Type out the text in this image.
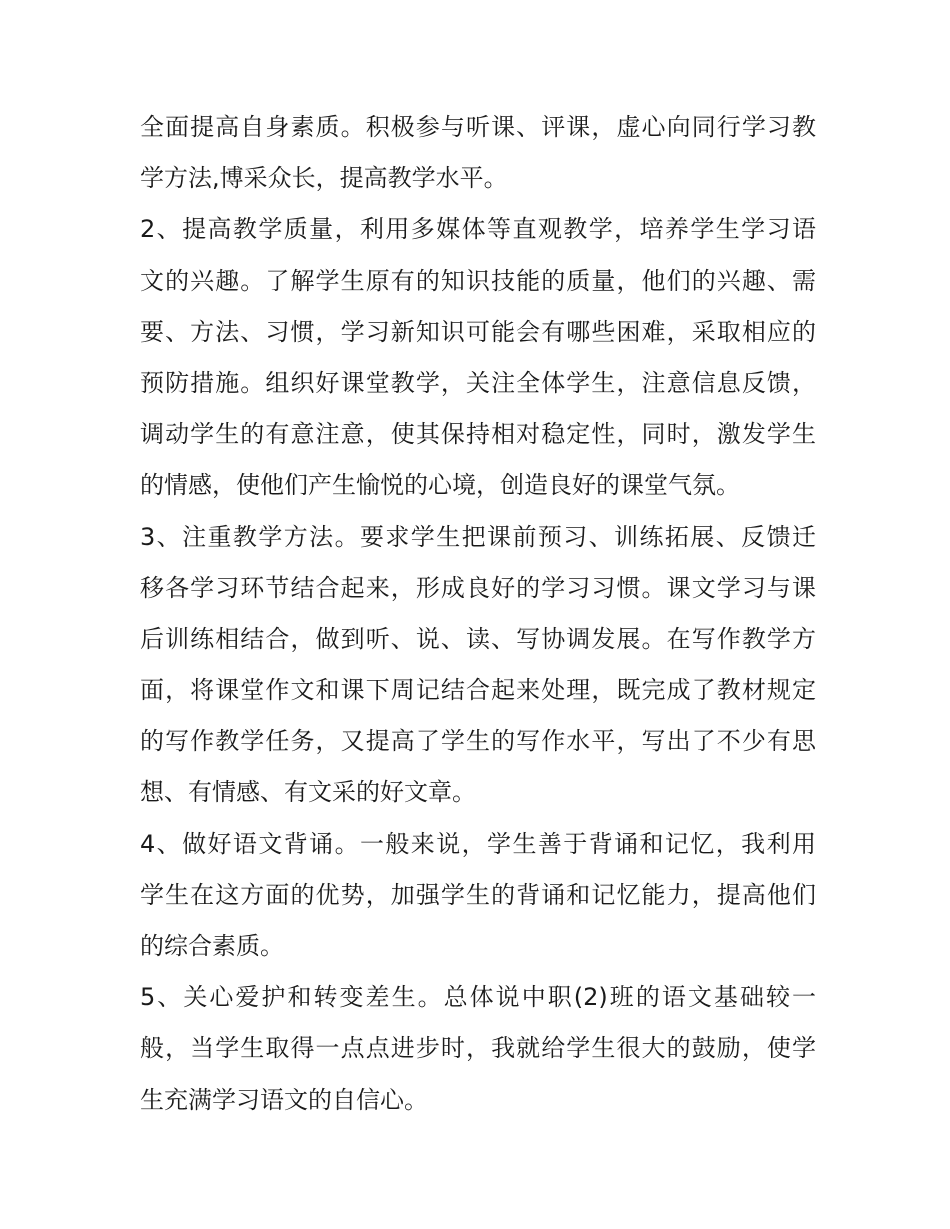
全面提高自身素质。积极参与听课、评课，虚心向同行学习教
学方法,博采众长，提高教学水平。
2、提高教学质量，利用多媒体等直观教学，培养学生学习语
文的兴趣。了解学生原有的知识技能的质量，他们的兴趣、需
要、方法、习惯，学习新知识可能会有哪些困难，采取相应的
预防措施。组织好课堂教学，关注全体学生，注意信息反馈，
调动学生的有意注意，使其保持相对稳定性，同时，激发学生
的情感，使他们产生愉悦的心境，创造良好的课堂气氛。
3、注重教学方法。要求学生把课前预习、训练拓展、反馈迁
移各学习环节结合起来，形成良好的学习习惯。课文学习与课
后训练相结合，做到听、说、读、写协调发展。在写作教学方
面，将课堂作文和课下周记结合起来处理，既完成了教材规定
的写作教学任务，又提高了学生的写作水平，写出了不少有思
想、有情感、有文采的好文章。
4、做好语文背诵。一般来说，学生善于背诵和记忆，我利用
学生在这方面的优势，加强学生的背诵和记忆能力，提高他们
的综合素质。
5、关心爱护和转变差生。总体说中职(2)班的语文基础较一
般，当学生取得一点点进步时，我就给学生很大的鼓励，使学
生充满学习语文的自信心。
